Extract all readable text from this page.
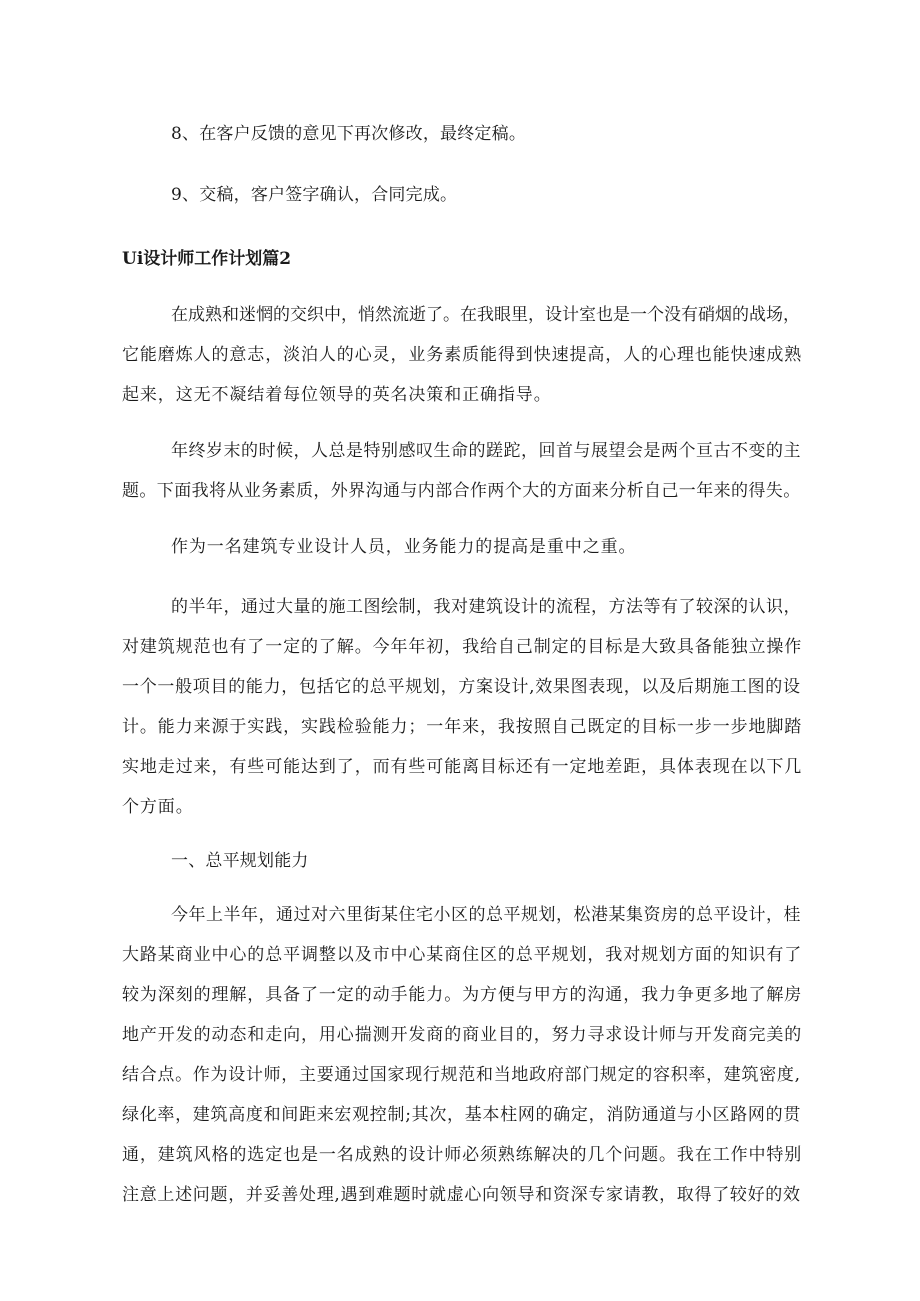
8、在客户反馈的意见下再次修改，最终定稿。
9、交稿，客户签字确认，合同完成。
Ui设计师工作计划篇2
在成熟和迷惘的交织中，悄然流逝了。在我眼里，设计室也是一个没有硝烟的战场，
它能磨炼人的意志，淡泊人的心灵，业务素质能得到快速提高，人的心理也能快速成熟
起来，这无不凝结着每位领导的英名决策和正确指导。
年终岁末的时候，人总是特别感叹生命的蹉跎，回首与展望会是两个亘古不变的主
题。下面我将从业务素质，外界沟通与内部合作两个大的方面来分析自己一年来的得失。
作为一名建筑专业设计人员，业务能力的提高是重中之重。
的半年，通过大量的施工图绘制，我对建筑设计的流程，方法等有了较深的认识，
对建筑规范也有了一定的了解。今年年初，我给自己制定的目标是大致具备能独立操作
一个一般项目的能力，包括它的总平规划，方案设计,效果图表现，以及后期施工图的设
计。能力来源于实践，实践检验能力；一年来，我按照自己既定的目标一步一步地脚踏
实地走过来，有些可能达到了，而有些可能离目标还有一定地差距，具体表现在以下几
个方面。
一、总平规划能力
今年上半年，通过对六里街某住宅小区的总平规划，松港某集资房的总平设计，桂
大路某商业中心的总平调整以及市中心某商住区的总平规划，我对规划方面的知识有了
较为深刻的理解，具备了一定的动手能力。为方便与甲方的沟通，我力争更多地了解房
地产开发的动态和走向，用心揣测开发商的商业目的，努力寻求设计师与开发商完美的
结合点。作为设计师，主要通过国家现行规范和当地政府部门规定的容积率，建筑密度,
绿化率，建筑高度和间距来宏观控制;其次，基本柱网的确定，消防通道与小区路网的贯
通，建筑风格的选定也是一名成熟的设计师必须熟练解决的几个问题。我在工作中特别
注意上述问题，并妥善处理,遇到难题时就虚心向领导和资深专家请教，取得了较好的效
